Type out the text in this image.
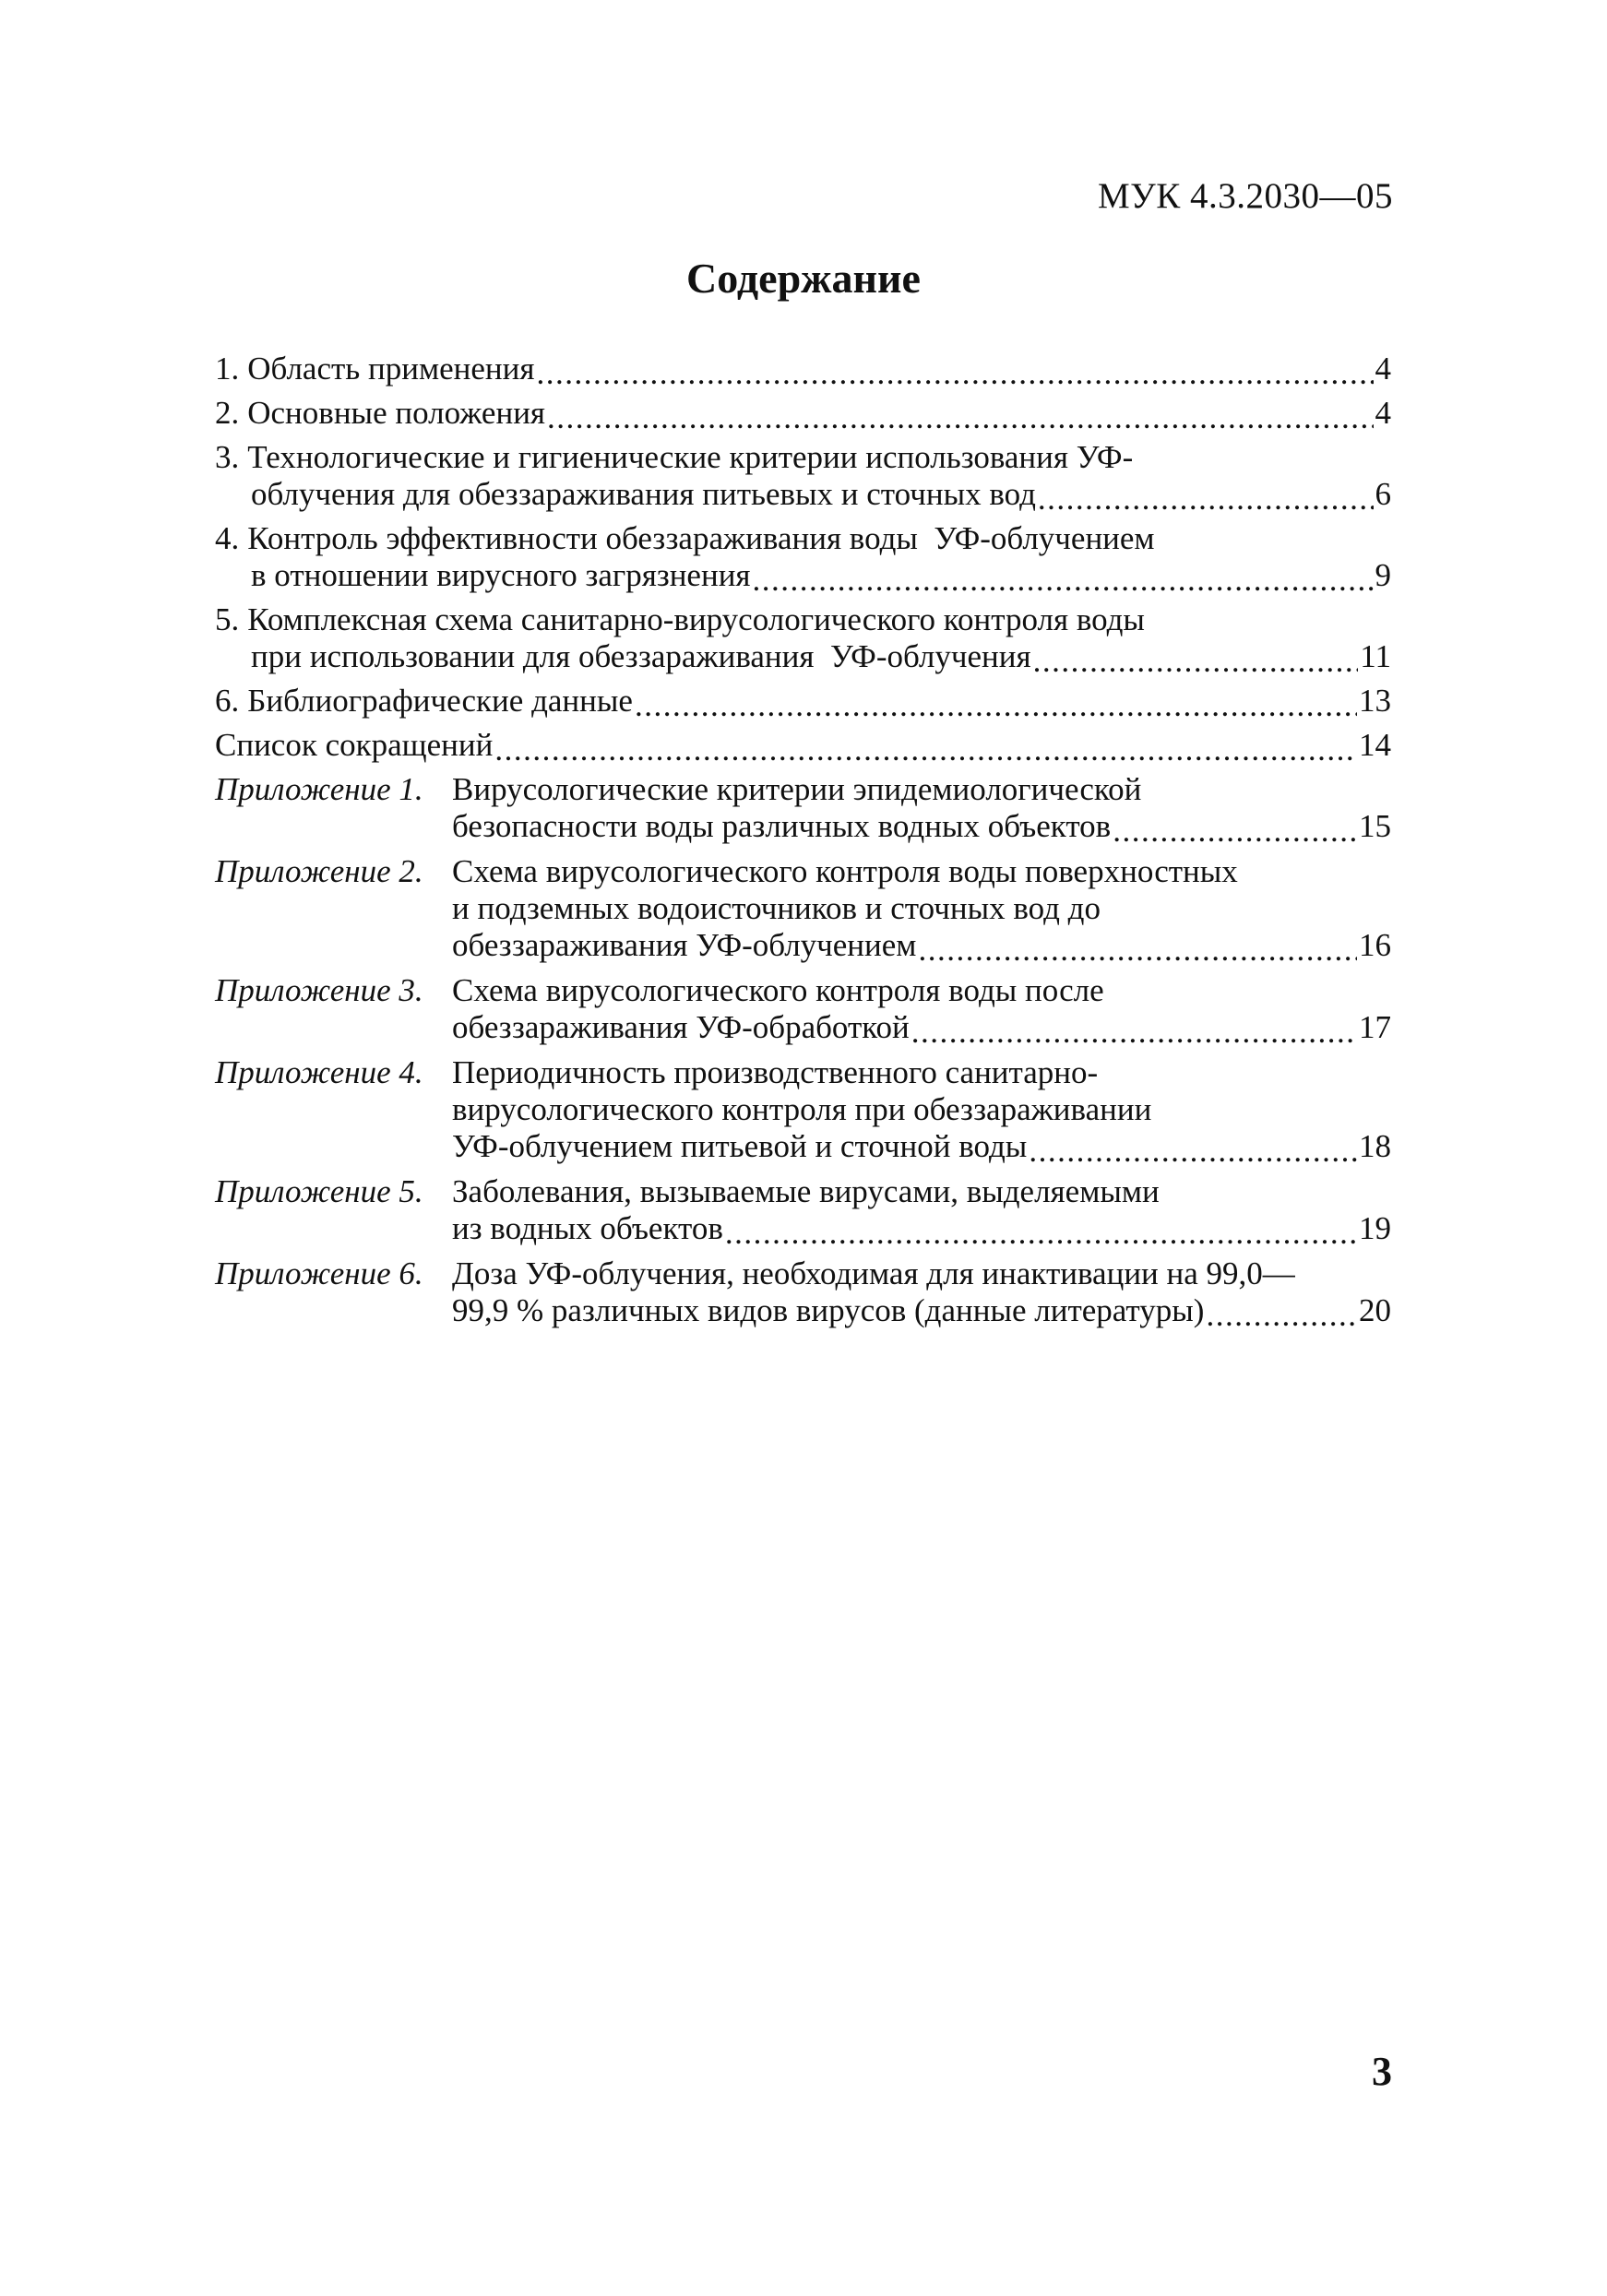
МУК 4.3.2030—05
Содержание
1. Область применения .....	4
2. Основные положения .....	4
3. Технологические и гигиенические критерии использования УФ-
облучения для обеззараживания питьевых и сточных вод .....	6
4. Контроль эффективности обеззараживания воды  УФ-облучением
в отношении вирусного загрязнения .....	9
5. Комплексная схема санитарно-вирусологического контроля воды
при использовании для обеззараживания  УФ-облучения .....	11
6. Библиографические данные .....	13
Список сокращений .....	14
Приложение 1. Вирусологические критерии эпидемиологической
безопасности воды различных водных объектов .....	15
Приложение 2. Схема вирусологического контроля воды поверхностных
и подземных водоисточников и сточных вод до
обеззараживания УФ-облучением .....	16
Приложение 3. Схема вирусологического контроля воды после
обеззараживания УФ-обработкой .....	17
Приложение 4. Периодичность производственного санитарно-
вирусологического контроля при обеззараживании
УФ-облучением питьевой и сточной воды .....	18
Приложение 5. Заболевания, вызываемые вирусами, выделяемыми
из водных объектов .....	19
Приложение 6. Доза УФ-облучения, необходимая для инактивации на 99,0—
99,9 % различных видов вирусов (данные литературы) .....	20
3
